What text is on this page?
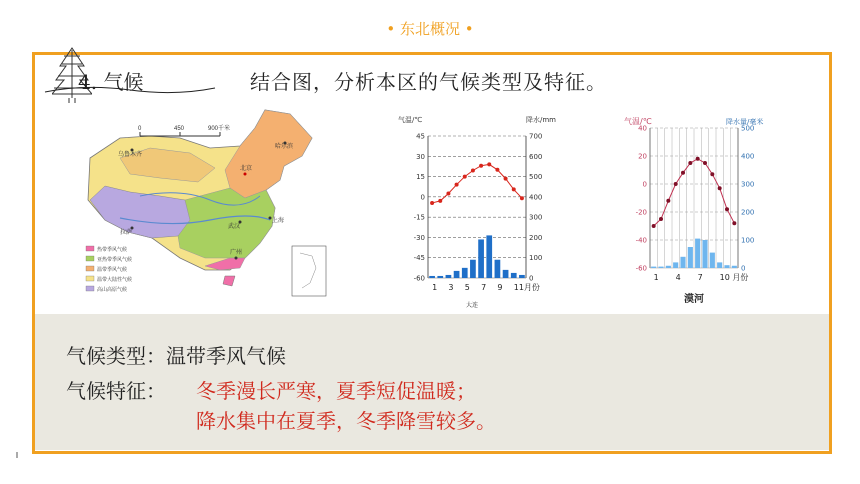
• 东北概况 •
4. 气候	结合图，分析本区的气候类型及特征。
0	450	900千米
乌鲁木齐
哈尔滨
北京
上海
拉萨
武汉
广州
热带季风气候
亚热带季风气候
温带季风气候
温带大陆性气候
高山高原气候
气温/℃	降水/mm
45
30
15
0
-15
-30
-45
-60
700
600
500
400
300
200
100
0
1 3 5 7 9 11月份
大连
气温/℃	降水量/毫米
40
20
0
-20
-40
-60
500
400
300
200
100
0
1 4 7 10 月份
漠河
气候类型： 温带季风气候
气候特征： 冬季漫长严寒，夏季短促温暖；
降水集中在夏季，冬季降雪较多。
